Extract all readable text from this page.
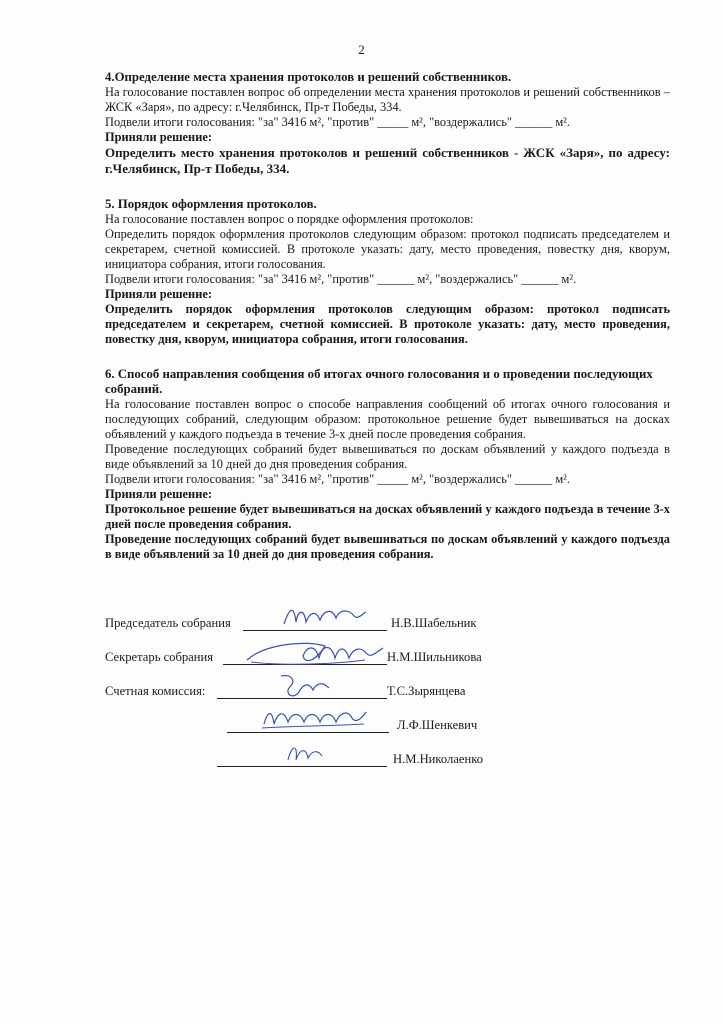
2
4.Определение места хранения протоколов и решений собственников.

На голосование поставлен вопрос об определении места хранения протоколов и решений собственников – ЖСК «Заря», по адресу: г.Челябинск, Пр-т Победы, 334.

Подвели итоги голосования: "за" 3416 м², "против" _____ м², "воздержались" ______ м².

Приняли решение:

Определить место хранения протоколов и решений собственников - ЖСК «Заря», по адресу: г.Челябинск, Пр-т Победы, 334.

5. Порядок оформления протоколов.

На голосование поставлен вопрос о порядке оформления протоколов:

Определить порядок оформления протоколов следующим образом: протокол подписать председателем и секретарем, счетной комиссией. В протоколе указать: дату, место проведения, повестку дня, кворум, инициатора собрания, итоги голосования.

Подвели итоги голосования: "за" 3416 м², "против" ______ м², "воздержались" ______ м².

Приняли решение:

Определить порядок оформления протоколов следующим образом: протокол подписать председателем и секретарем, счетной комиссией. В протоколе указать: дату, место проведения, повестку дня, кворум, инициатора собрания, итоги голосования.

6. Способ направления сообщения об итогах очного голосования и о проведении последующих собраний.

На голосование поставлен вопрос о способе направления сообщений об итогах очного голосования и последующих собраний, следующим образом: протокольное решение будет вывешиваться на досках объявлений у каждого подъезда в течение 3-х дней после проведения собрания.

Проведение последующих собраний будет вывешиваться по доскам объявлений у каждого подъезда в виде объявлений за 10 дней до дня проведения собрания.

Подвели итоги голосования: "за" 3416 м², "против" _____ м², "воздержались" ______ м².

Приняли решение:

Протокольное решение будет вывешиваться на досках объявлений у каждого подъезда в течение 3-х дней после проведения собрания.

Проведение последующих собраний будет вывешиваться по доскам объявлений у каждого подъезда в виде объявлений за 10 дней до дня проведения собрания.

Председатель собрания	Н.В.Шабельник
Секретарь собрания	Н.М.Шильникова
Счетная комиссия:	Т.С.Зырянцева
Л.Ф.Шенкевич
Н.М.Николаенко
